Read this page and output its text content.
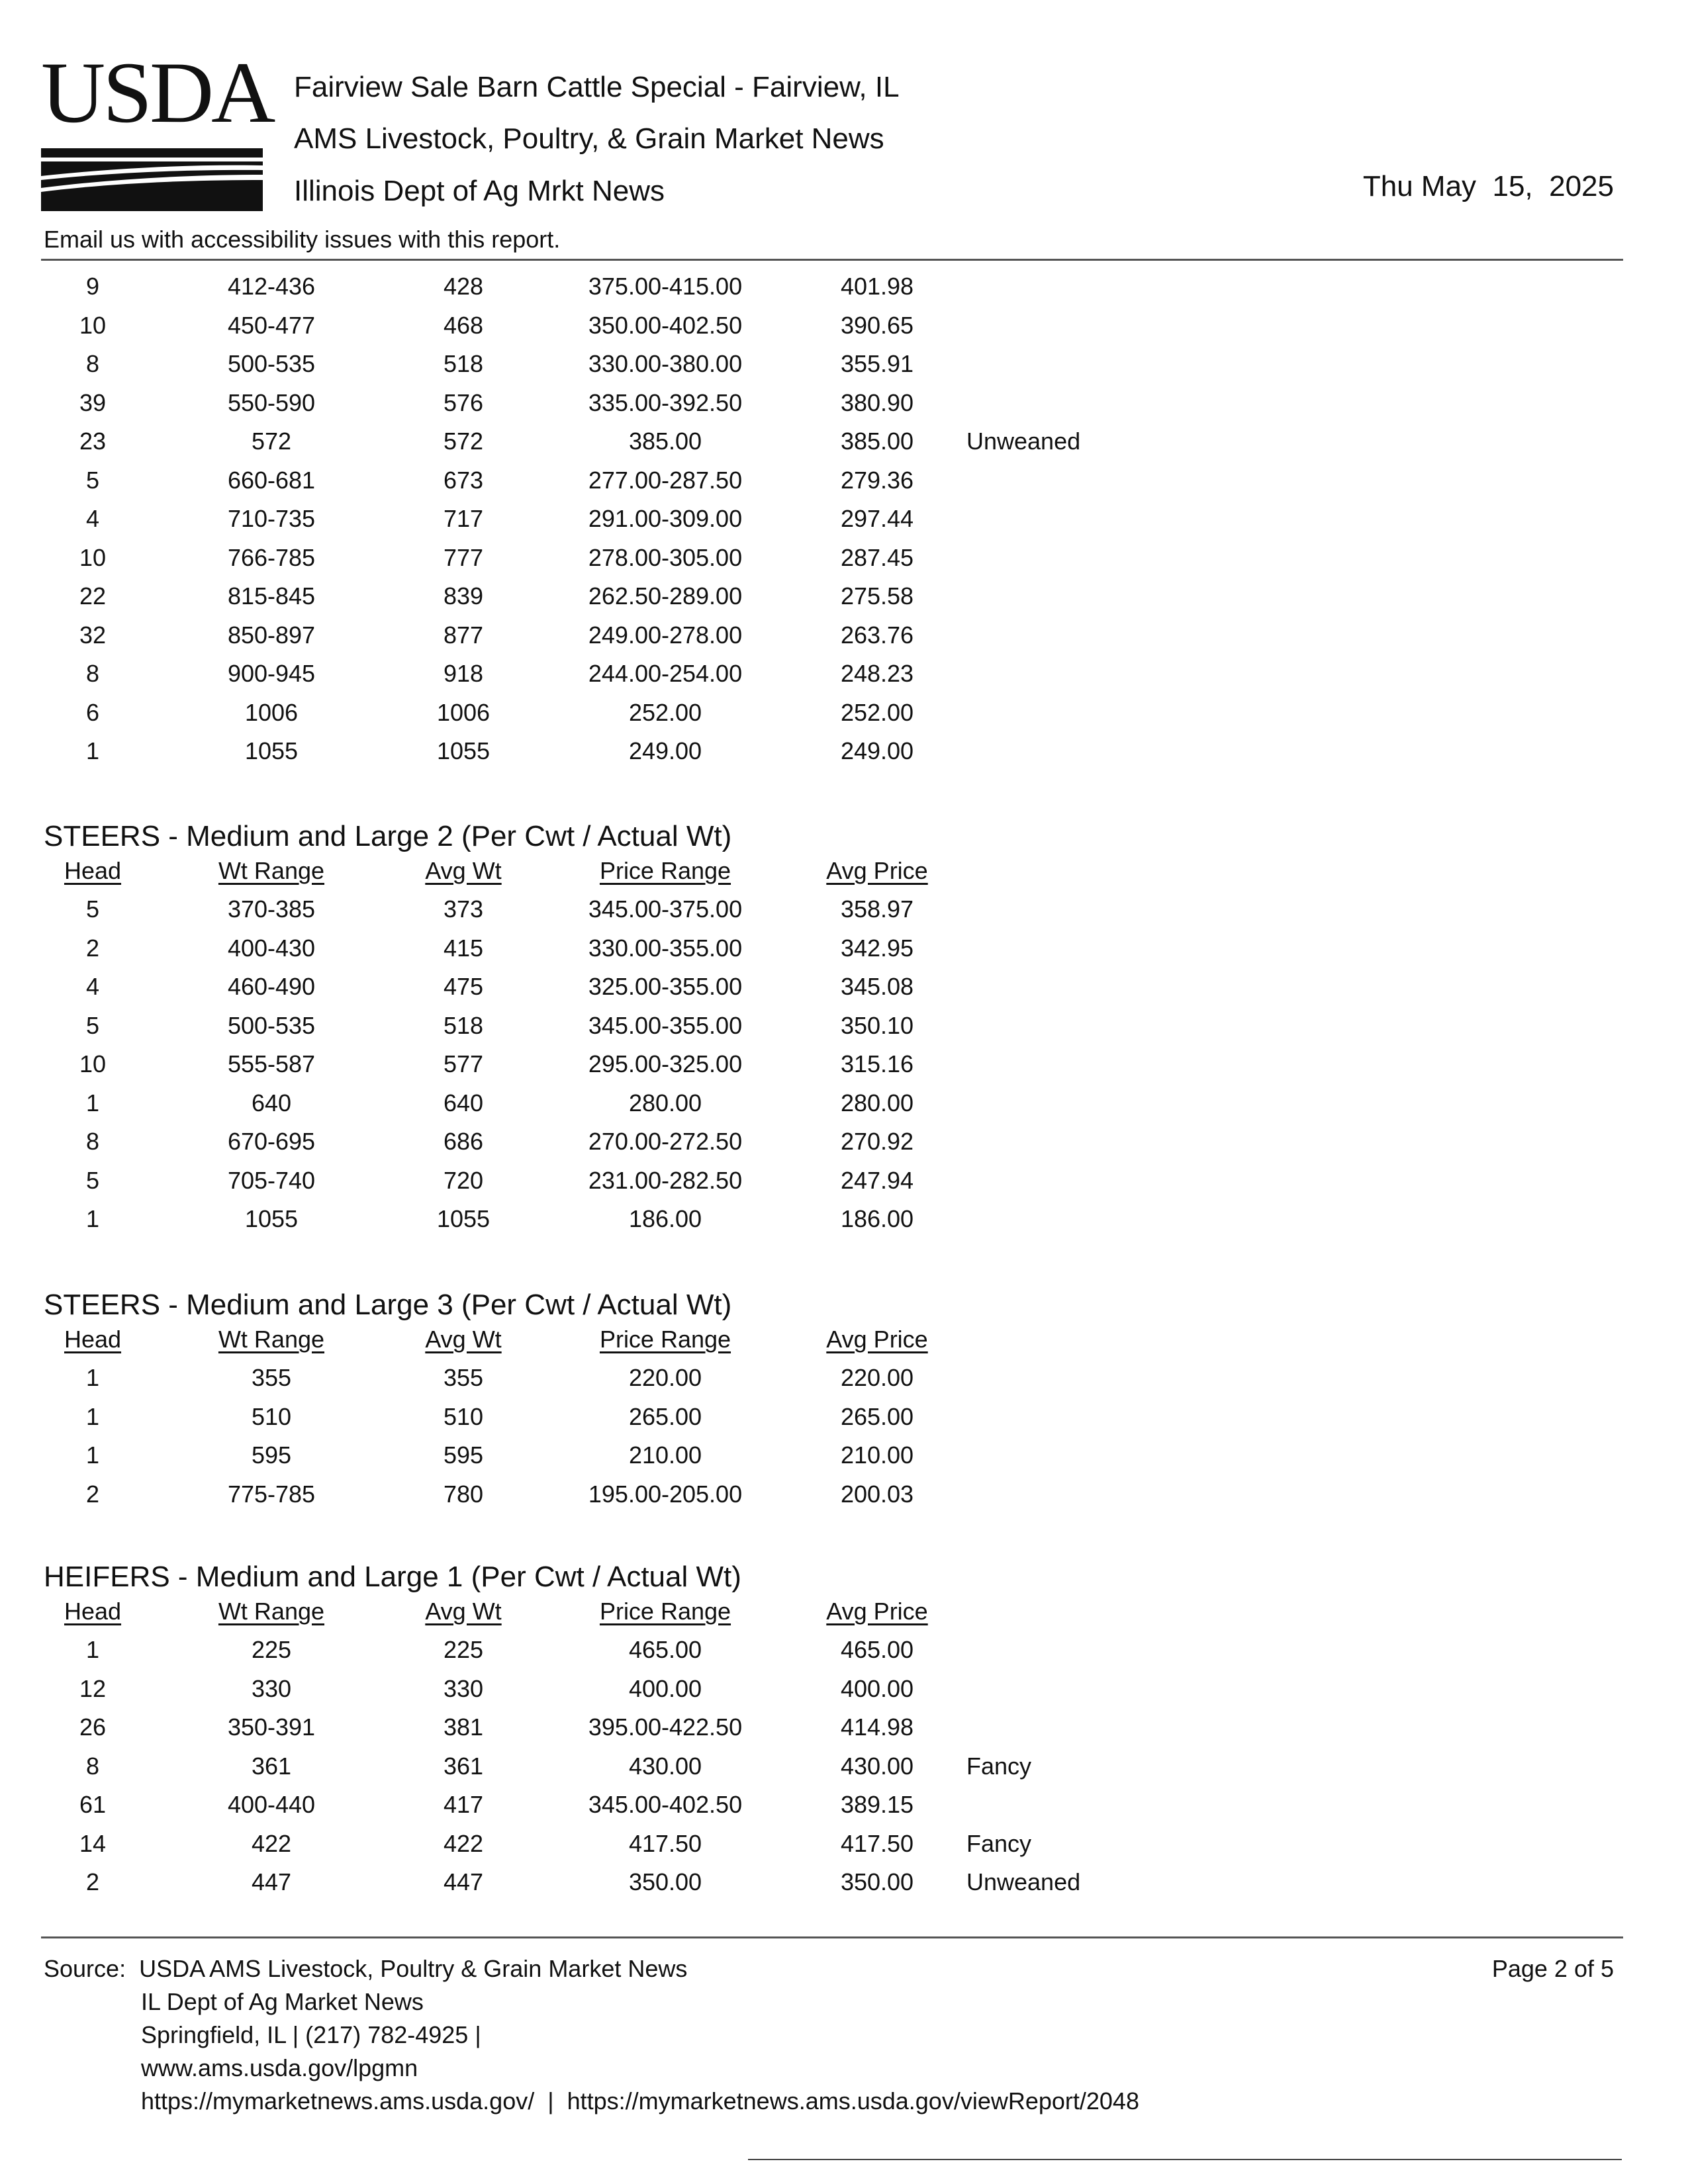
USDA Fairview Sale Barn Cattle Special - Fairview, IL
AMS Livestock, Poultry, & Grain Market News
Illinois Dept of Ag Mrkt News	Thu May  15,  2025
Email us with accessibility issues with this report.
9	412-436	428	375.00-415.00	401.98
10	450-477	468	350.00-402.50	390.65
8	500-535	518	330.00-380.00	355.91
39	550-590	576	335.00-392.50	380.90
23	572	572	385.00	385.00	Unweaned
5	660-681	673	277.00-287.50	279.36
4	710-735	717	291.00-309.00	297.44
10	766-785	777	278.00-305.00	287.45
22	815-845	839	262.50-289.00	275.58
32	850-897	877	249.00-278.00	263.76
8	900-945	918	244.00-254.00	248.23
6	1006	1006	252.00	252.00
1	1055	1055	249.00	249.00
STEERS - Medium and Large 2 (Per Cwt / Actual Wt)
Head	Wt Range	Avg Wt	Price Range	Avg Price
5	370-385	373	345.00-375.00	358.97
2	400-430	415	330.00-355.00	342.95
4	460-490	475	325.00-355.00	345.08
5	500-535	518	345.00-355.00	350.10
10	555-587	577	295.00-325.00	315.16
1	640	640	280.00	280.00
8	670-695	686	270.00-272.50	270.92
5	705-740	720	231.00-282.50	247.94
1	1055	1055	186.00	186.00
STEERS - Medium and Large 3 (Per Cwt / Actual Wt)
Head	Wt Range	Avg Wt	Price Range	Avg Price
1	355	355	220.00	220.00
1	510	510	265.00	265.00
1	595	595	210.00	210.00
2	775-785	780	195.00-205.00	200.03
HEIFERS - Medium and Large 1 (Per Cwt / Actual Wt)
Head	Wt Range	Avg Wt	Price Range	Avg Price
1	225	225	465.00	465.00
12	330	330	400.00	400.00
26	350-391	381	395.00-422.50	414.98
8	361	361	430.00	430.00	Fancy
61	400-440	417	345.00-402.50	389.15
14	422	422	417.50	417.50	Fancy
2	447	447	350.00	350.00	Unweaned
Source: USDA AMS Livestock, Poultry & Grain Market News
IL Dept of Ag Market News
Springfield, IL | (217) 782-4925 |
www.ams.usda.gov/lpgmn
https://mymarketnews.ams.usda.gov/  |  https://mymarketnews.ams.usda.gov/viewReport/2048
Page 2 of 5
